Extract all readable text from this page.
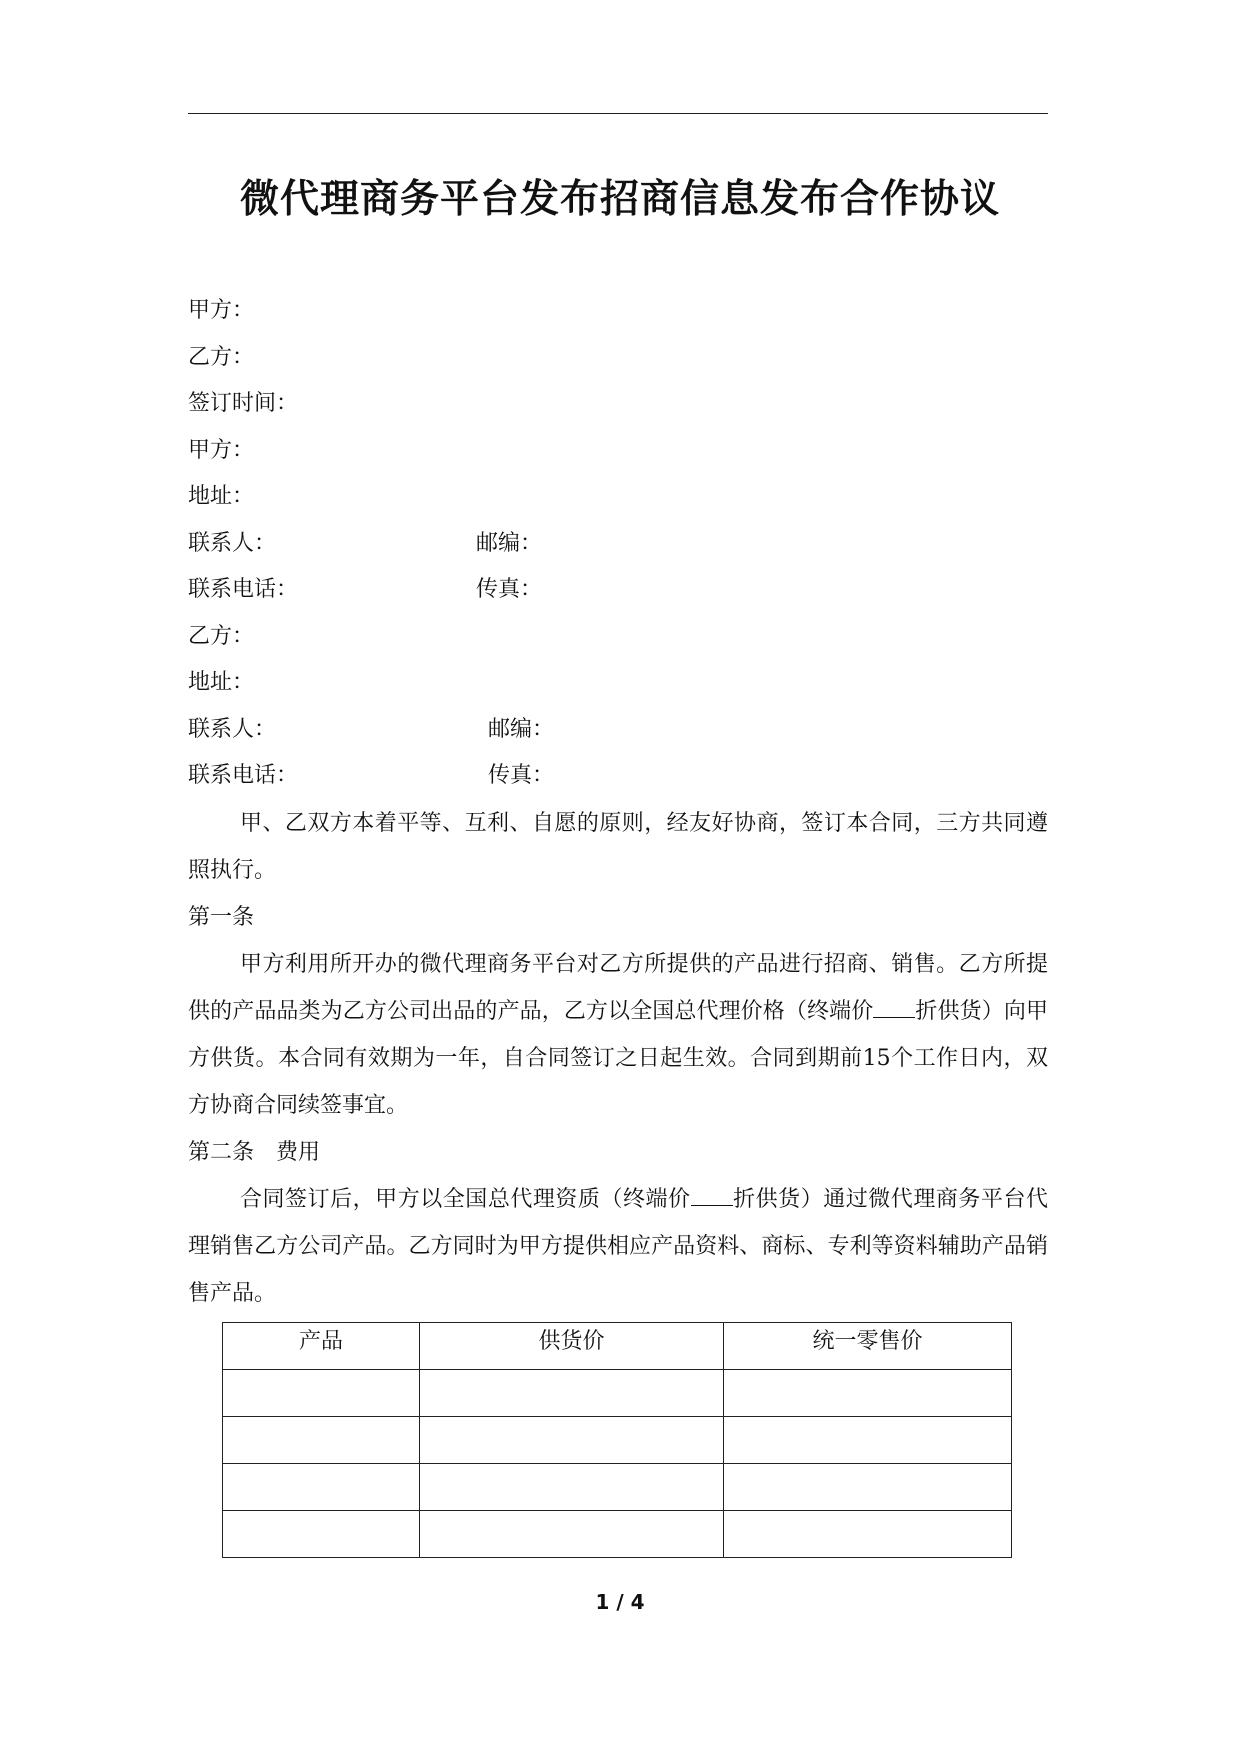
微代理商务平台发布招商信息发布合作协议
甲方：
乙方：
签订时间：
甲方：
地址：
联系人：	邮编：
联系电话：	传真：
乙方：
地址：
联系人：	邮编：
联系电话：	传真：
甲、乙双方本着平等、互利、自愿的原则，经友好协商，签订本合同，三方共同遵照执行。
第一条
甲方利用所开办的微代理商务平台对乙方所提供的产品进行招商、销售。乙方所提供的产品品类为乙方公司出品的产品，乙方以全国总代理价格（终端价 折供货）向甲方供货。本合同有效期为一年，自合同签订之日起生效。合同到期前15个工作日内，双方协商合同续签事宜。
第二条　费用
合同签订后，甲方以全国总代理资质（终端价 折供货）通过微代理商务平台代理销售乙方公司产品。乙方同时为甲方提供相应产品资料、商标、专利等资料辅助产品销售产品。
产品	供货价	统一零售价

1 / 4
